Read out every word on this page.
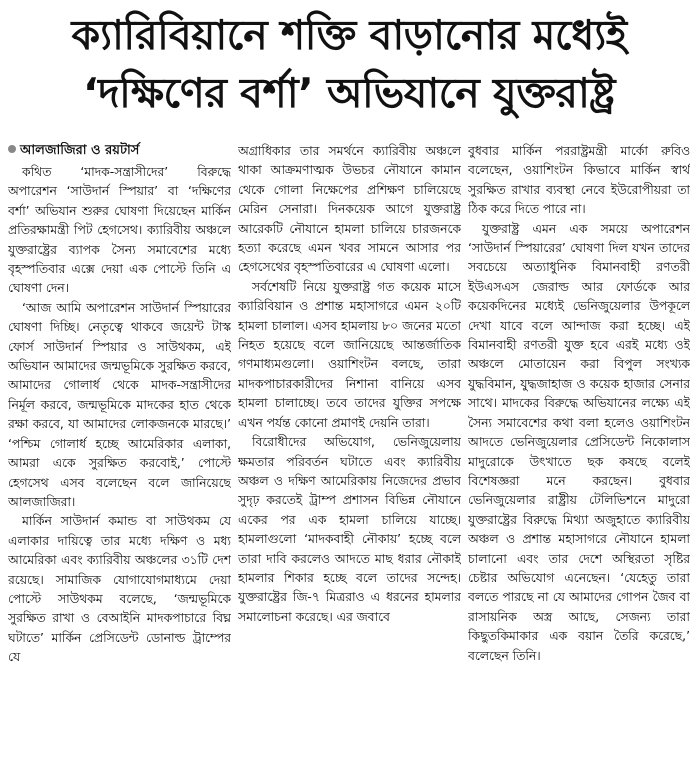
ক্যারিবিয়ানে শক্তি বাড়ানোর মধ্যেই
‘দক্ষিণের বর্শা’ অভিযানে যুক্তরাষ্ট্র
আলজাজিরা ও রয়টার্স

কথিত ‘মাদক-সন্ত্রাসীদের’ বিরুদ্ধে অপারেশন ‘সাউদার্ন স্পিয়ার’ বা ‘দক্ষিণের বর্শা’ অভিযান শুরুর ঘোষণা দিয়েছেন মার্কিন প্রতিরক্ষামন্ত্রী পিট হেগসেথ। ক্যারিবীয় অঞ্চলে যুক্তরাষ্ট্রের ব্যাপক সৈন্য সমাবেশের মধ্যে বৃহস্পতিবার এক্সে দেয়া এক পোস্টে তিনি এ ঘোষণা দেন।

‘আজ আমি অপারেশন সাউদার্ন স্পিয়ারের ঘোষণা দিচ্ছি। নেতৃত্বে থাকবে জয়েন্ট টাস্ক ফোর্স সাউদার্ন স্পিয়ার ও সাউথকম, এই অভিযান আমাদের জন্মভূমিকে সুরক্ষিত করবে, আমাদের গোলার্ধ থেকে মাদক-সন্ত্রাসীদের নির্মূল করবে, জন্মভূমিকে মাদকের হাত থেকে রক্ষা করবে, যা আমাদের লোকজনকে মারছে।’ ‘পশ্চিম গোলার্ধ হচ্ছে আমেরিকার এলাকা, আমরা একে সুরক্ষিত করবোই,’ পোস্টে হেগসেথ এসব বলেছেন বলে জানিয়েছে আলজাজিরা।

মার্কিন সাউদার্ন কমান্ড বা সাউথকম যে এলাকার দায়িত্বে তার মধ্যে দক্ষিণ ও মধ্য আমেরিকা এবং ক্যারিবীয় অঞ্চলের ৩১টি দেশ রয়েছে। সামাজিক যোগাযোগমাধ্যমে দেয়া পোস্টে সাউথকম বলেছে, ‘জন্মভূমিকে সুরক্ষিত রাখা ও বেআইনি মাদকপাচারে বিঘ্ন ঘটাতে’ মার্কিন প্রেসিডেন্ট ডোনাল্ড ট্রাম্পের যে

অগ্রাধিকার তার সমর্থনে ক্যারিবীয় অঞ্চলে থাকা আক্রমণাত্মক উভচর নৌযানে কামান থেকে গোলা নিক্ষেপের প্রশিক্ষণ চালিয়েছে মেরিন সেনারা। দিনকয়েক আগে যুক্তরাষ্ট্র আরেকটি নৌযানে হামলা চালিয়ে চারজনকে হত্যা করেছে এমন খবর সামনে আসার পর হেগসেথের বৃহস্পতিবারের এ ঘোষণা এলো।

সর্বশেষটি নিয়ে যুক্তরাষ্ট্র গত কয়েক মাসে ক্যারিবিয়ান ও প্রশান্ত মহাসাগরে এমন ২০টি হামলা চালাল। এসব হামলায় ৮০ জনের মতো নিহত হয়েছে বলে জানিয়েছে আন্তর্জাতিক গণমাধ্যমগুলো। ওয়াশিংটন বলছে, তারা মাদকপাচারকারীদের নিশানা বানিয়ে এসব হামলা চালাচ্ছে। তবে তাদের যুক্তির সপক্ষে এখন পর্যন্ত কোনো প্রমাণই দেয়নি তারা।

বিরোধীদের অভিযোগ, ভেনিজুয়েলায় ক্ষমতার পরিবর্তন ঘটাতে এবং ক্যারিবীয় অঞ্চল ও দক্ষিণ আমেরিকায় নিজেদের প্রভাব সুদৃঢ় করতেই ট্রাম্প প্রশাসন বিভিন্ন নৌযানে একের পর এক হামলা চালিয়ে যাচ্ছে। হামলাগুলো ‘মাদকবাহী নৌকায়’ হচ্ছে বলে তারা দাবি করলেও আদতে মাছ ধরার নৌকাই হামলার শিকার হচ্ছে বলে তাদের সন্দেহ। যুক্তরাষ্ট্রের জি-৭ মিত্ররাও এ ধরনের হামলার সমালোচনা করেছে। এর জবাবে

বুধবার মার্কিন পররাষ্ট্রমন্ত্রী মার্কো রুবিও বলেছেন, ওয়াশিংটন কিভাবে মার্কিন স্বার্থ সুরক্ষিত রাখার ব্যবস্থা নেবে ইউরোপীয়রা তা ঠিক করে দিতে পারে না।

যুক্তরাষ্ট্র এমন এক সময়ে অপারেশন ‘সাউদার্ন স্পিয়ারের’ ঘোষণা দিল যখন তাদের সবচেয়ে অত্যাধুনিক বিমানবাহী রণতরী ইউএসএস জেরাল্ড আর ফোর্ডকে আর কয়েকদিনের মধ্যেই ভেনিজুয়েলার উপকূলে দেখা যাবে বলে আন্দাজ করা হচ্ছে। এই বিমানবাহী রণতরী যুক্ত হবে এরই মধ্যে ওই অঞ্চলে মোতায়েন করা বিপুল সংখ্যক যুদ্ধবিমান, যুদ্ধজাহাজ ও কয়েক হাজার সেনার সাথে। মাদকের বিরুদ্ধে অভিযানের লক্ষ্যে এই সৈন্য সমাবেশের কথা বলা হলেও ওয়াশিংটন আদতে ভেনিজুয়েলার প্রেসিডেন্ট নিকোলাস মাদুরোকে উৎখাতে ছক কষছে বলেই বিশেষজ্ঞরা মনে করছেন। বুধবার ভেনিজুয়েলার রাষ্ট্রীয় টেলিভিশনে মাদুরো যুক্তরাষ্ট্রের বিরুদ্ধে মিথ্যা অজুহাতে ক্যারিবীয় অঞ্চল ও প্রশান্ত মহাসাগরে নৌযানে হামলা চালানো এবং তার দেশে অস্থিরতা সৃষ্টির চেষ্টার অভিযোগ এনেছেন। ‘যেহেতু তারা বলতে পারছে না যে আমাদের গোপন জৈব বা রাসায়নিক অস্ত্র আছে, সেজন্য তারা কিছুতকিমাকার এক বয়ান তৈরি করেছে,’ বলেছেন তিনি।
